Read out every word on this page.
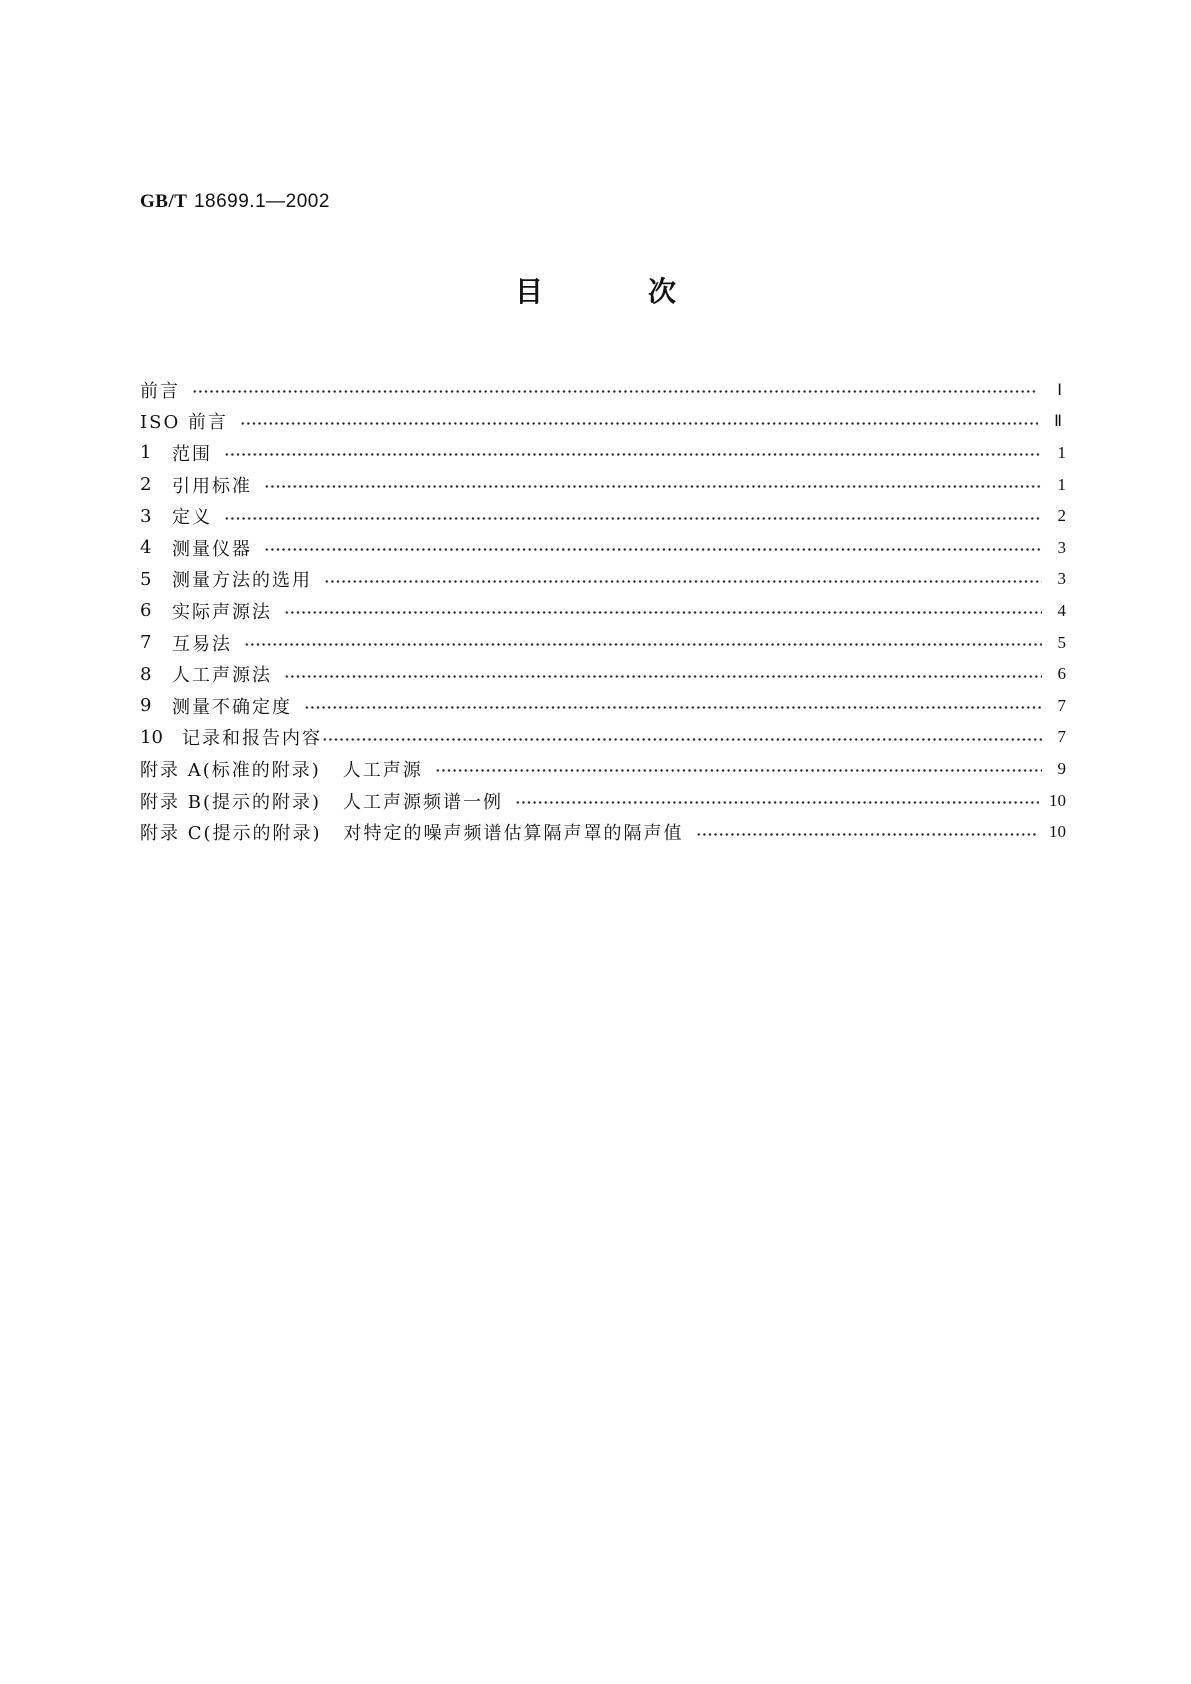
GB/T 18699.1—2002
目	次
前言	Ⅰ
ISO 前言	Ⅱ
1	范围	1
2	引用标准	1
3	定义	2
4	测量仪器	3
5	测量方法的选用	3
6	实际声源法	4
7	互易法	5
8	人工声源法	6
9	测量不确定度	7
10	记录和报告内容	7
附录 A(标准的附录) 人工声源	9
附录 B(提示的附录) 人工声源频谱一例	10
附录 C(提示的附录) 对特定的噪声频谱估算隔声罩的隔声值	10
